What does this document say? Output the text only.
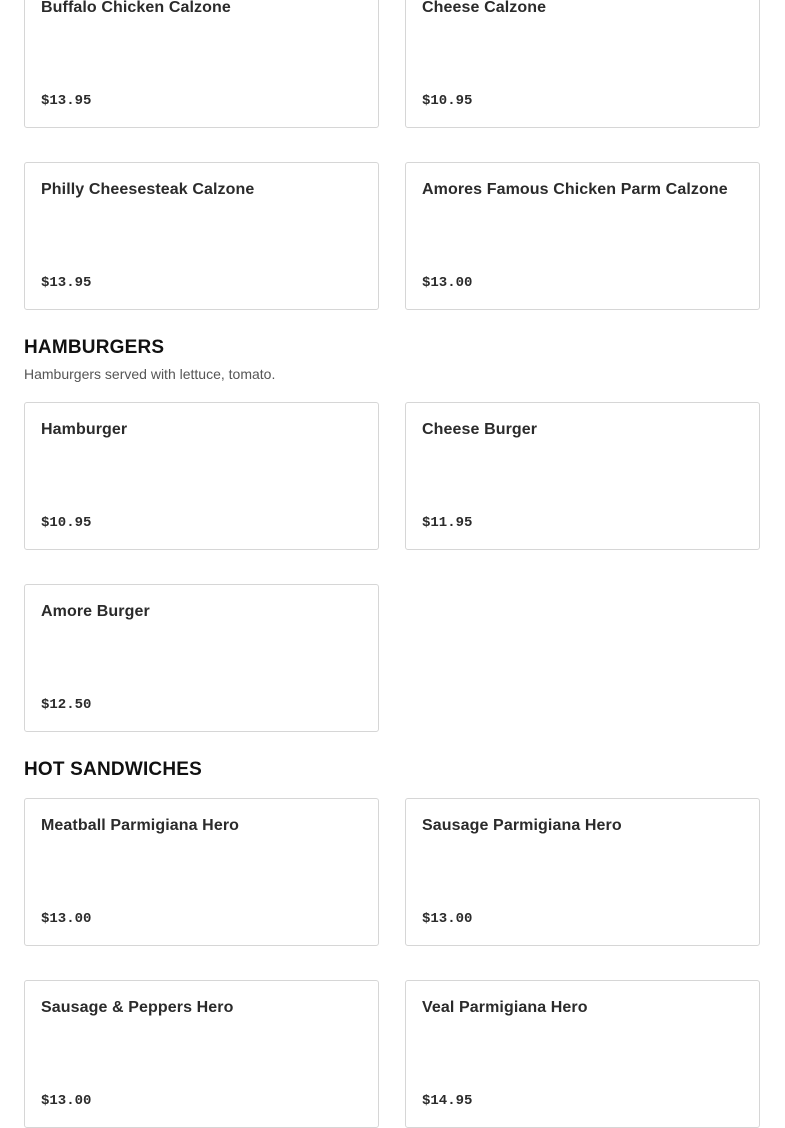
Buffalo Chicken Calzone
$13.95
Cheese Calzone
$10.95
Philly Cheesesteak Calzone
$13.95
Amores Famous Chicken Parm Calzone
$13.00
HAMBURGERS
Hamburgers served with lettuce, tomato.
Hamburger
$10.95
Cheese Burger
$11.95
Amore Burger
$12.50
HOT SANDWICHES
Meatball Parmigiana Hero
$13.00
Sausage Parmigiana Hero
$13.00
Sausage & Peppers Hero
$13.00
Veal Parmigiana Hero
$14.95
